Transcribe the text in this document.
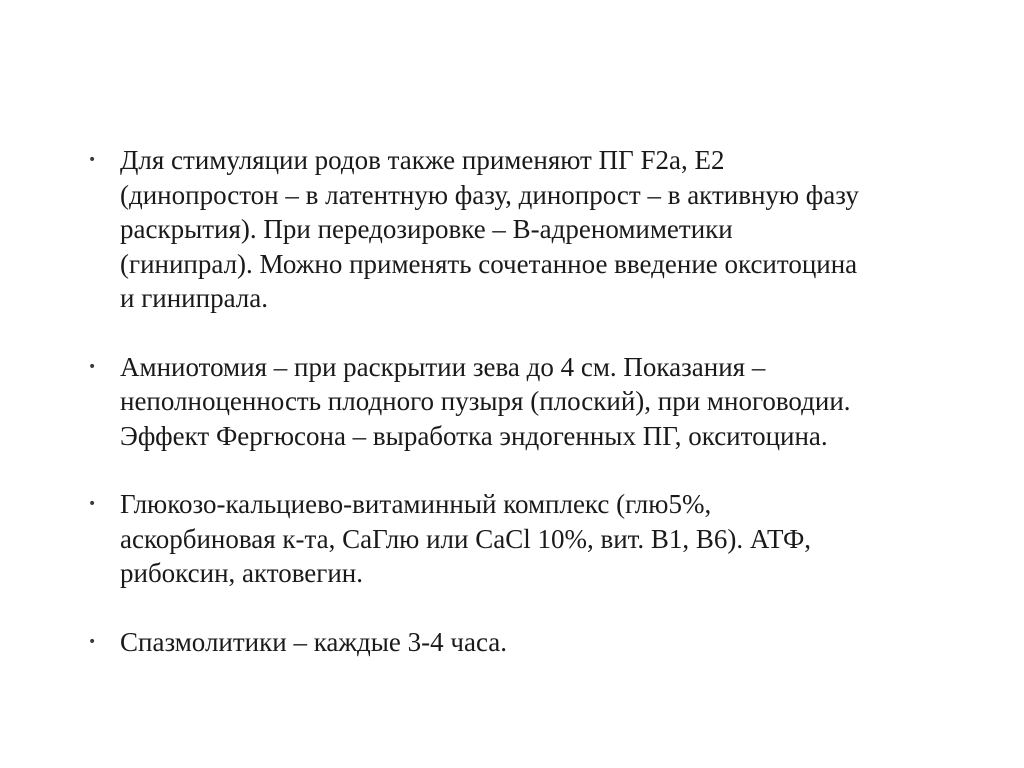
• Для стимуляции родов также применяют ПГ F2a, E2
(динопростон – в латентную фазу, динопрост – в активную фазу
раскрытия). При передозировке – В-адреномиметики
(гинипрал). Можно применять сочетанное введение окситоцина
и гинипрала.
• Амниотомия – при раскрытии зева до 4 см. Показания –
неполноценность плодного пузыря (плоский), при многоводии.
Эффект Фергюсона – выработка эндогенных ПГ, окситоцина.
• Глюкозо-кальциево-витаминный комплекс (глю5%,
аскорбиновая к-та, СаГлю или CaCl 10%, вит. B1, B6). АТФ,
рибоксин, актовегин.
• Спазмолитики – каждые 3-4 часа.
